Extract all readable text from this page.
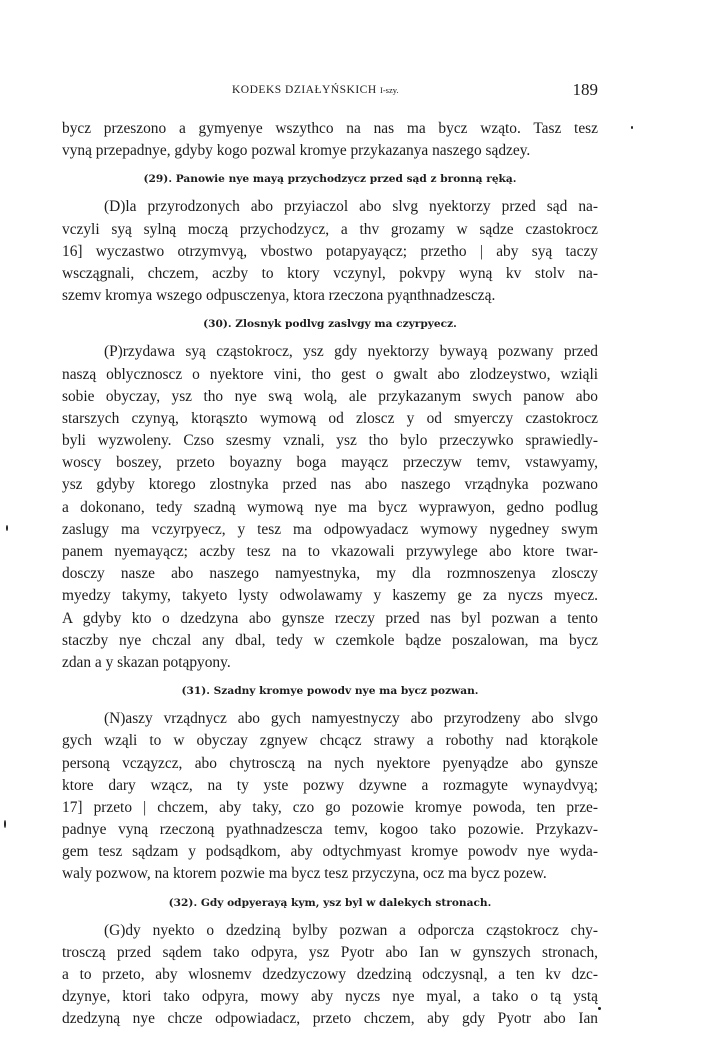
KODEKS DZIAŁYŃSKICH I-szy.	189
bycz przeszono a gymyenye wszythco na nas ma bycz wząto. Tasz tesz
vyną przepadnye, gdyby kogo pozwal kromye przykazanya naszego sądzey.
(29). Panowie nye mayą przychodzycz przed sąd z bronną ręką.
(D)la przyrodzonych abo przyiaczol abo slvg nyektorzy przed sąd na-
vczyli syą sylną moczą przychodzycz, a thv grozamy w sądze czastokrocz
16] wyczastwo otrzymvyą, vbostwo potapyayącz; przetho | aby syą taczy
wsczągnali, chczem, aczby to ktory vczynyl, pokvpy wyną kv stolv na-
szemv kromya wszego odpusczenya, ktora rzeczona pyąnthnadzesczą.
(30). Zlosnyk podlvg zaslvgy ma czyrpyecz.
(P)rzydawa syą cząstokrocz, ysz gdy nyektorzy bywayą pozwany przed
naszą oblycznoscz o nyektore vini, tho gest o gwalt abo zlodzeystwo, wziąli
sobie obyczay, ysz tho nye swą wolą, ale przykazanym swych panow abo
starszych czynyą, ktorąszto wymową od zloscz y od smyerczy czastokrocz
byli wyzwoleny. Czso szesmy vznali, ysz tho bylo przeczywko sprawiedly-
woscy boszey, przeto boyazny boga mayącz przeczyw temv, vstawyamy,
ysz gdyby ktorego zlostnyka przed nas abo naszego vrządnyka pozwano
a dokonano, tedy szadną wymową nye ma bycz wyprawyon, gedno podlug
zaslugy ma vczyrpyecz, y tesz ma odpowyadacz wymowy nygedney swym
panem nyemayącz; aczby tesz na to vkazowali przywylege abo ktore twar-
dosczy nasze abo naszego namyestnyka, my dla rozmnoszenya zlosczy
myedzy takymy, takyeto lysty odwolawamy y kaszemy ge za nyczs myecz.
A gdyby kto o dzedzyna abo gynsze rzeczy przed nas byl pozwan a tento
staczby nye chczal any dbal, tedy w czemkole bądze poszalowan, ma bycz
zdan a y skazan potąpyony.
(31). Szadny kromye powodv nye ma bycz pozwan.
(N)aszy vrządnycz abo gych namyestnyczy abo przyrodzeny abo slvgo
gych wząli to w obyczay zgnyew chcącz strawy a robothy nad ktorąkole
personą vcząyzcz, abo chytrosczą na nych nyektore pyenyądze abo gynsze
ktore dary wząсz, na ty yste pozwy dzywne a rozmagyte wynaydvyą;
17] przeto | chczem, aby taky, czo go pozowie kromye powoda, ten prze-
padnye vyną rzeczoną pyathnadzescza temv, kogoo tako pozowie. Przykazv-
gem tesz sądzam y podsądkom, aby odtychmyast kromye powodv nye wyda-
waly pozwow, na ktorem pozwie ma bycz tesz przyczyna, ocz ma bycz pozew.
(32). Gdy odpyerayą kym, ysz byl w dalekych stronach.
(G)dy nyekto o dzedziną bylby pozwan a odporcza cząstokrocz chy-
trosczą przed sądem tako odpyra, ysz Pyotr abo Ian w gynszych stronach,
a to przeto, aby wlosnemv dzedzyczowy dzedziną odczysnąl, a ten kv dzc-
dzynye, ktori tako odpyra, mowy aby nyczs nye myal, a tako o tą ystą
dzedzyną nye chcze odpowiadacz, przeto chczem, aby gdy Pyotr abo Ian
